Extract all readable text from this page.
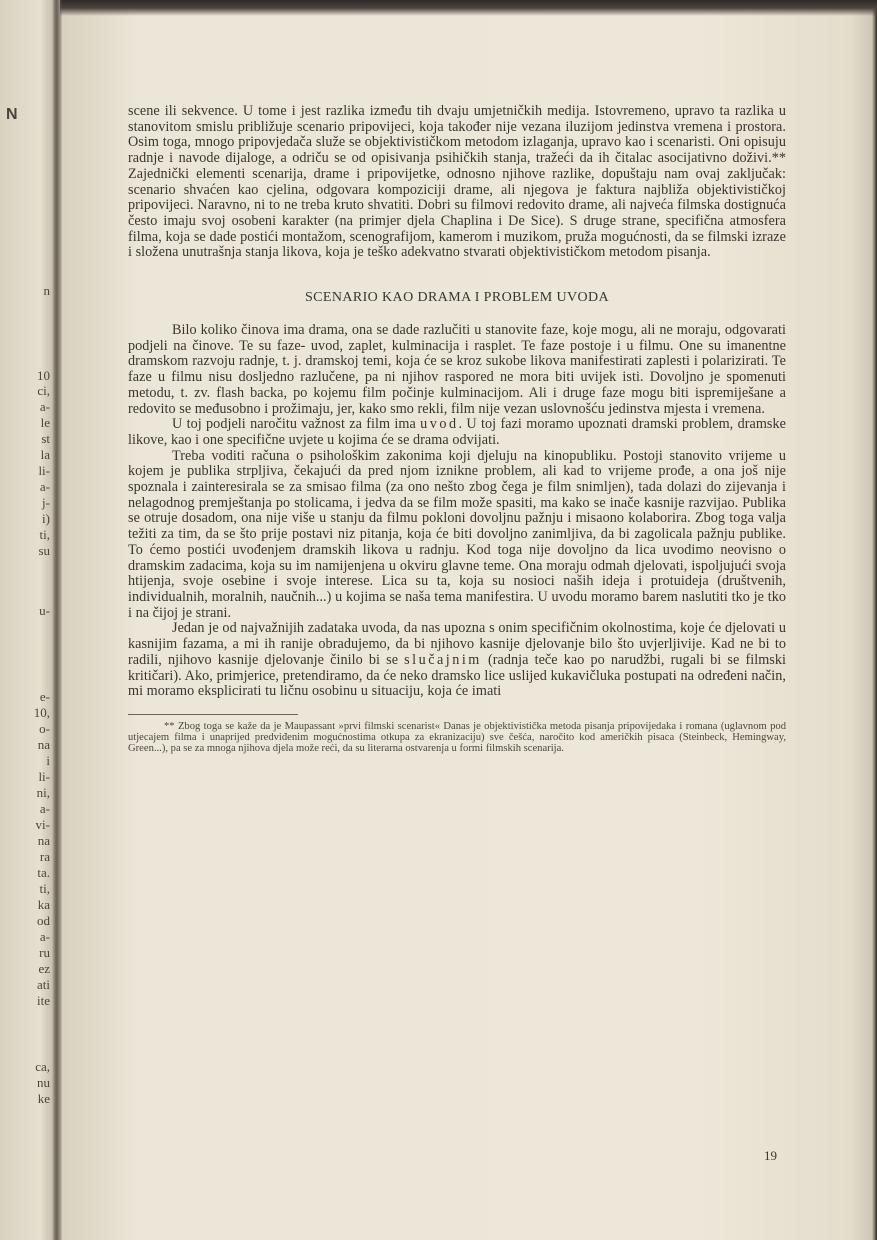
N
n
10
ci,
a-
le
st
la
li-
a-
j-
i)
ti,
su
u-
e-
10,
o-
na
i
li-
ni,
a-
vi-
na
ra
ta.
ti,
ka
od
a-
ru
ez
ati
ite
ca,
nu
ke

scene ili sekvence. U tome i jest razlika između tih dvaju umjetničkih medija. Istovremeno, upravo ta razlika u stanovitom smislu približuje scenario pripovijeci, koja također nije vezana iluzijom jedinstva vremena i prostora. Osim toga, mnogo pripovjedača služe se objektivističkom metodom izlaganja, upravo kao i scenaristi. Oni opisuju radnje i navode dijaloge, a odriču se od opisivanja psihičkih stanja, tražeći da ih čitalac asocijativno doživi.** Zajednički elementi scenarija, drame i pripovijetke, odnosno njihove razlike, dopuštaju nam ovaj zaključak: scenario shvaćen kao cjelina, odgovara kompoziciji drame, ali njegova je faktura najbliža objektivističkoj pripovijeci. Naravno, ni to ne treba kruto shvatiti. Dobri su filmovi redovito drame, ali najveća filmska dostignuća često imaju svoj osobeni karakter (na primjer djela Chaplina i De Sice). S druge strane, specifična atmosfera filma, koja se dade postići montažom, scenografijom, kamerom i muzikom, pruža mogućnosti, da se filmski izraze i složena unutrašnja stanja likova, koja je teško adekvatno stvarati objektivističkom metodom pisanja.

SCENARIO KAO DRAMA I PROBLEM UVODA

Bilo koliko činova ima drama, ona se dade razlučiti u stanovite faze, koje mogu, ali ne moraju, odgovarati podjeli na činove. Te su faze- uvod, zaplet, kulminacija i rasplet. Te faze postoje i u filmu. One su imanentne dramskom razvoju radnje, t. j. dramskoj temi, koja će se kroz sukobe likova manifestirati zaplesti i polarizirati. Te faze u filmu nisu dosljedno razlučene, pa ni njihov raspored ne mora biti uvijek isti. Dovoljno je spomenuti metodu, t. zv. flash backa, po kojemu film počinje kulminacijom. Ali i druge faze mogu biti ispremiješane a redovito se međusobno i prožimaju, jer, kako smo rekli, film nije vezan uslovnošću jedinstva mjesta i vremena.

U toj podjeli naročitu važnost za film ima uvod. U toj fazi moramo upoznati dramski problem, dramske likove, kao i one specifične uvjete u kojima će se drama odvijati.

Treba voditi računa o psihološkim zakonima koji djeluju na kinopubliku. Postoji stanovito vrijeme u kojem je publika strpljiva, čekajući da pred njom iznikne problem, ali kad to vrijeme prođe, a ona još nije spoznala i zainteresirala se za smisao filma (za ono nešto zbog čega je film snimljen), tada dolazi do zijevanja i nelagodnog premještanja po stolicama, i jedva da se film može spasiti, ma kako se inače kasnije razvijao. Publika se otruje dosadom, ona nije više u stanju da filmu pokloni dovoljnu pažnju i misaono kolaborira. Zbog toga valja težiti za tim, da se što prije postavi niz pitanja, koja će biti dovoljno zanimljiva, da bi zagolicala pažnju publike. To ćemo postići uvođenjem dramskih likova u radnju. Kod toga nije dovoljno da lica uvodimo neovisno o dramskim zadacima, koja su im namijenjena u okviru glavne teme. Ona moraju odmah djelovati, ispoljujući svoja htijenja, svoje osebine i svoje interese. Lica su ta, koja su nosioci naših ideja i protuideja (društvenih, individualnih, moralnih, naučnih...) u kojima se naša tema manifestira. U uvodu moramo barem naslutiti tko je tko i na čijoj je strani.

Jedan je od najvažnijih zadataka uvoda, da nas upozna s onim specifičnim okolnostima, koje će djelovati u kasnijim fazama, a mi ih ranije obradujemo, da bi njihovo kasnije djelovanje bilo što uvjerljivije. Kad ne bi to radili, njihovo kasnije djelovanje činilo bi se slučajnim (radnja teče kao po narudžbi, rugali bi se filmski kritičari). Ako, primjerice, pretendiramo, da će neko dramsko lice uslijed kukavičluka postupati na određeni način, mi moramo eksplicirati tu ličnu osobinu u situaciju, koja će imati

** Zbog toga se kaže da je Maupassant »prvi filmski scenarist« Danas je objektivistička metoda pisanja pripovijedaka i romana (uglavnom pod utjecajem filma i unaprijed predviđenim mogućnostima otkupa za ekranizaciju) sve češća, naročito kod američkih pisaca (Steinbeck, Hemingway, Green...), pa se za mnoga njihova djela može reći, da su literarna ostvarenja u formi filmskih scenarija.

19
